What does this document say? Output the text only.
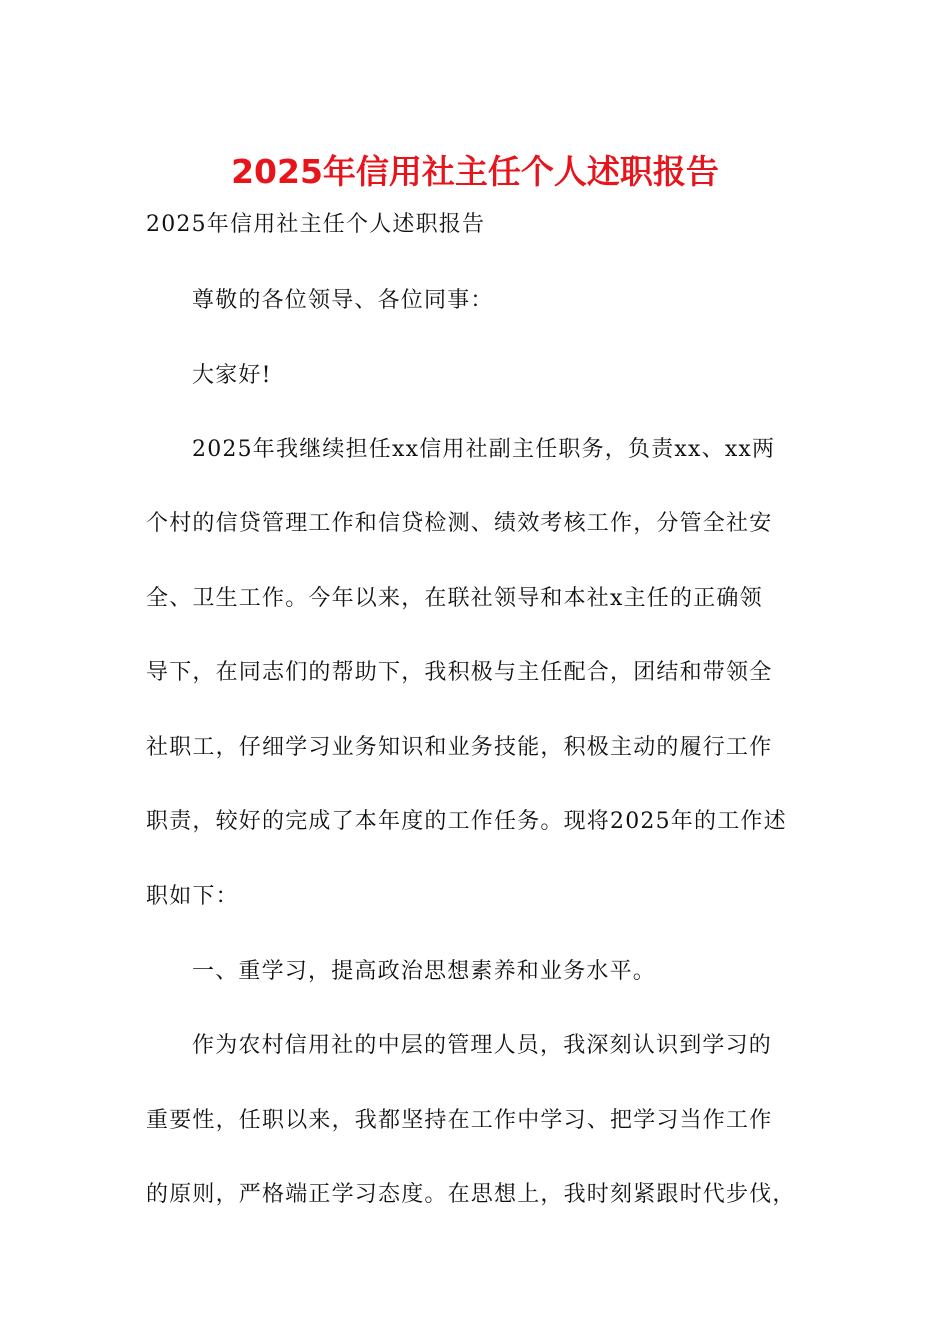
2025年信用社主任个人述职报告

2025年信用社主任个人述职报告

尊敬的各位领导、各位同事：

大家好!

2025年我继续担任xx信用社副主任职务，负责xx、xx两

个村的信贷管理工作和信贷检测、绩效考核工作，分管全社安

全、卫生工作。今年以来，在联社领导和本社x主任的正确领

导下，在同志们的帮助下，我积极与主任配合，团结和带领全

社职工，仔细学习业务知识和业务技能，积极主动的履行工作

职责，较好的完成了本年度的工作任务。现将2025年的工作述

职如下：

一、重学习，提高政治思想素养和业务水平。

作为农村信用社的中层的管理人员，我深刻认识到学习的

重要性，任职以来，我都坚持在工作中学习、把学习当作工作

的原则，严格端正学习态度。在思想上，我时刻紧跟时代步伐，
